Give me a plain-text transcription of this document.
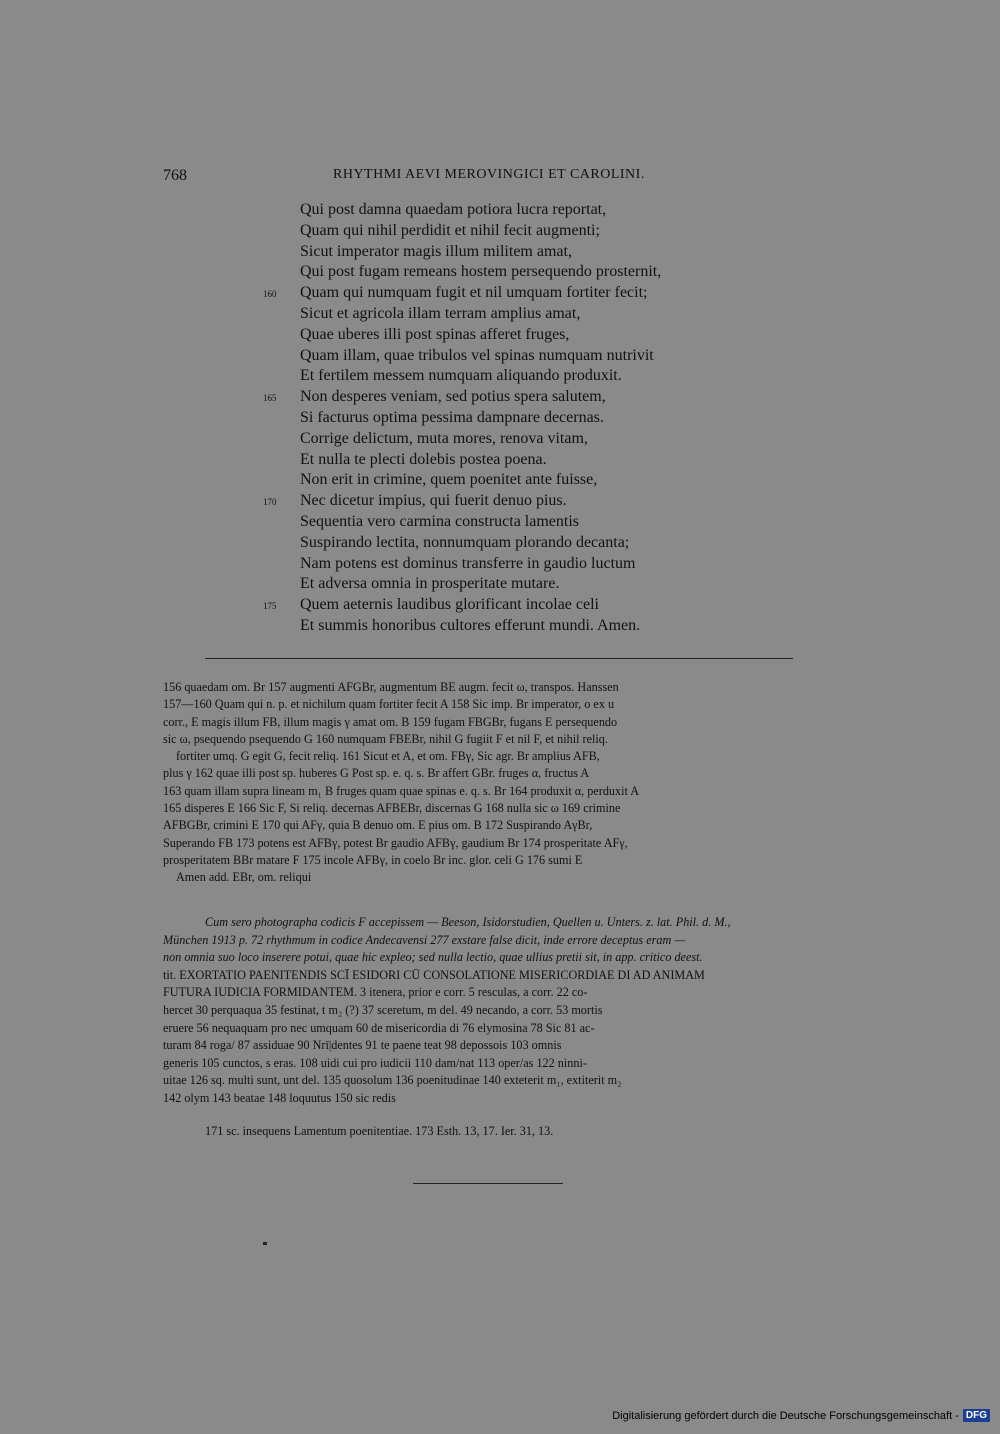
768	RHYTHMI AEVI MEROVINGICI ET CAROLINI.
Qui post damna quaedam potiora lucra reportat,
Quam qui nihil perdidit et nihil fecit augmenti;
Sicut imperator magis illum militem amat,
Qui post fugam remeans hostem persequendo prosternit,
160	Quam qui numquam fugit et nil umquam fortiter fecit;
Sicut et agricola illam terram amplius amat,
Quae uberes illi post spinas afferet fruges,
Quam illam, quae tribulos vel spinas numquam nutrivit
Et fertilem messem numquam aliquando produxit.
165	Non desperes veniam, sed potius spera salutem,
Si facturus optima pessima dampnare decernas.
Corrige delictum, muta mores, renova vitam,
Et nulla te plecti dolebis postea poena.
Non erit in crimine, quem poenitet ante fuisse,
170	Nec dicetur impius, qui fuerit denuo pius.
Sequentia vero carmina constructa lamentis
Suspirando lectita, nonnumquam plorando decanta;
Nam potens est dominus transferre in gaudio luctum
Et adversa omnia in prosperitate mutare.
175	Quem aeternis laudibus glorificant incolae celi
Et summis honoribus cultores efferunt mundi. Amen.
156 quaedam om. Br 157 augmenti AFGBr, augmentum BE augm. fecit ω, transpos. Hanssen
157—160 Quam qui n. p. et nichilum quam fortiter fecit A 158 Sic imp. Br imperator, o ex u
corr., E magis illum FB, illum magis γ amat om. B 159 fugam FBGBr, fugans E persequendo
sic ω, psequendo psequendo G 160 numquam FBEBr, nihil G fugiit F et nil F, et nihil reliq.
fortiter umq. G egit G, fecit reliq. 161 Sicut et A, et om. FBγ, Sic agr. Br amplius AFB,
plus γ 162 quae illi post sp. huberes G Post sp. e. q. s. Br affert GBr. fruges α, fructus A
163 quam illam supra lineam m₁ B fruges quam quae spinas e. q. s. Br 164 produxit α, perduxit A
165 disperes E 166 Sic F, Si reliq. decernas AFBEBr, discernas G 168 nulla sic ω 169 crimine
AFBGBr, crimini E 170 qui AFγ, quia B denuo om. E pius om. B 172 Suspirando AγBr,
Superando FB 173 potens est AFBγ, potest Br gaudio AFBγ, gaudium Br 174 prosperitate AFγ,
prosperitatem BBr matare F 175 incole AFBγ, in coelo Br inc. glor. celi G 176 sumi E
Amen add. EBr, om. reliqui
Cum sero photographa codicis F accepissem — Beeson, Isidorstudien, Quellen u. Unters. z. lat. Phil. d. M.,
München 1913 p. 72 rhythmum in codice Andecavensi 277 exstare false dicit, inde errore deceptus eram —
non omnia suo loco inserere potui, quae hic expleo; sed nulla lectio, quae ullius pretii sit, in app. critico deest.
tit. EXORTATIO PAENITENDIS SCĪ ESIDORI CŪ CONSOLATIONE MISERICORDIAE DI AD ANIMAM
FUTURA IUDICIA FORMIDANTEM. 3 itenera, prior e corr. 5 resculas, a corr. 22 co-
hercet 30 perquaqua 35 festinat, t m₂ (?) 37 sceretum, m del. 49 necando, a corr. 53 mortis
eruere 56 nequaquam pro nec umquam 60 de misericordia di 76 elymosina 78 Sic 81 ac-
turam 84 roga/ 87 assiduae 90 Nrī|dentes 91 te paene teat 98 depossois 103 omnis
generis 105 cunctos, s eras. 108 uidi cui pro iudicii 110 dam/nat 113 oper/as 122 ninni-
uitae 126 sq. multi sunt, unt del. 135 quosolum 136 poenitudinae 140 exteterit m₁, extiterit m₂
142 olym 143 beatae 148 loquutus 150 sic redis
171 sc. insequens Lamentum poenitentiae. 173 Esth. 13, 17. Ier. 31, 13.
Digitalisierung gefördert durch die Deutsche Forschungsgemeinschaft - DFG
